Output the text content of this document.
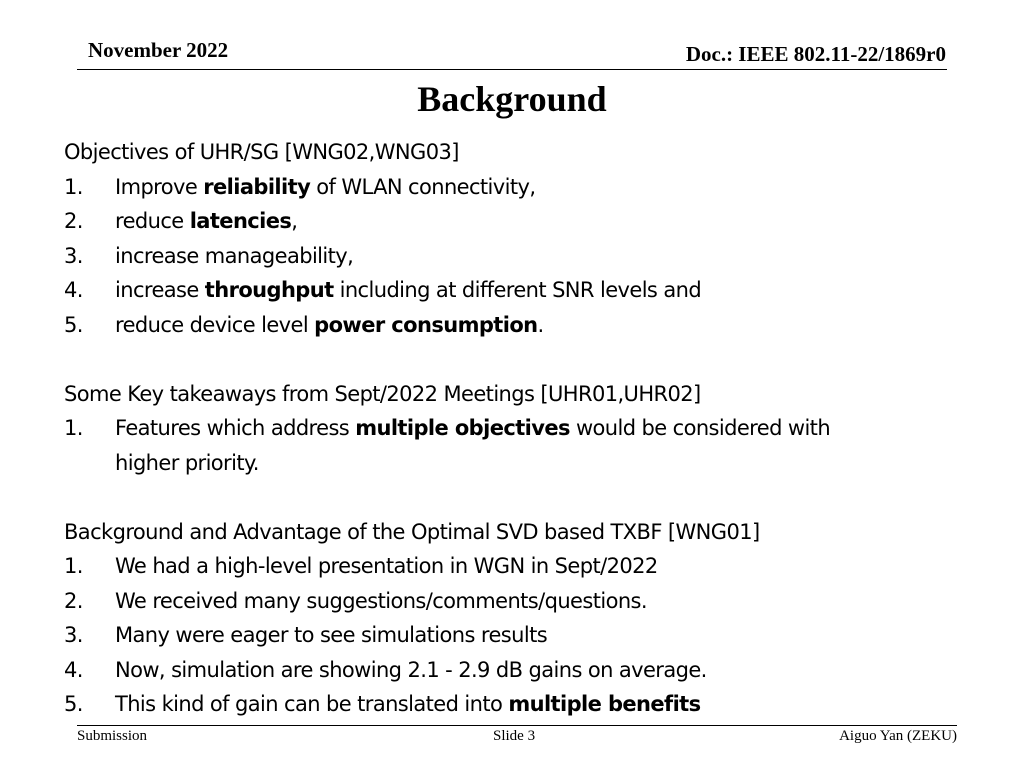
November 2022	Doc.: IEEE 802.11-22/1869r0
Background
Objectives of UHR/SG [WNG02,WNG03]
1.	Improve reliability of WLAN connectivity,
2.	reduce latencies,
3.	increase manageability,
4.	increase throughput including at different SNR levels and
5.	reduce device level power consumption.
Some Key takeaways from Sept/2022 Meetings [UHR01,UHR02]
1.	Features which address multiple objectives would be considered with
higher priority.
Background and Advantage of the Optimal SVD based TXBF [WNG01]
1.	We had a high-level presentation in WGN in Sept/2022
2.	We received many suggestions/comments/questions.
3.	Many were eager to see simulations results
4.	Now, simulation are showing 2.1 - 2.9 dB gains on average.
5.	This kind of gain can be translated into multiple benefits
Submission	Slide 3	Aiguo Yan (ZEKU)
